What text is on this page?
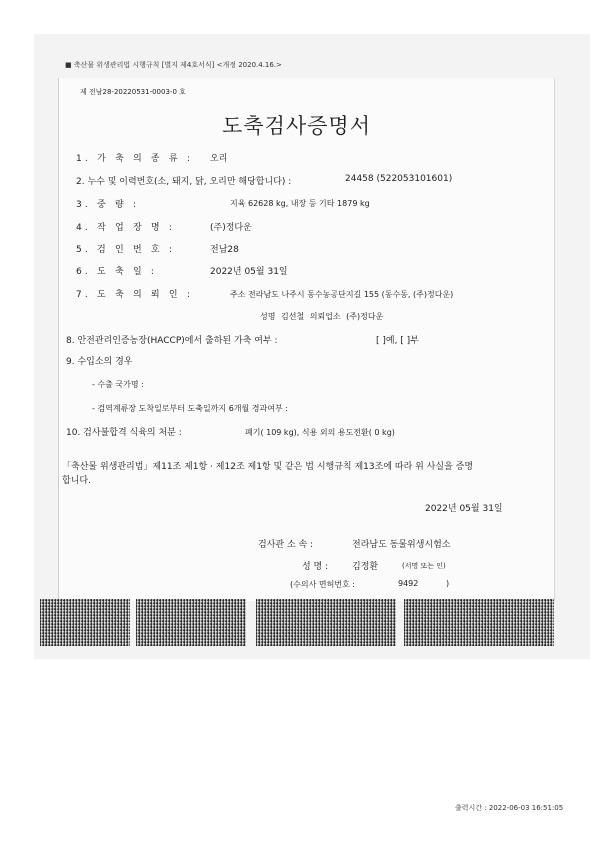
■ 축산물 위생관리법 시행규칙 [별지 제4호서식] <개정 2020.4.16.>
제 전남28-20220531-0003-0 호
도축검사증명서
1. 가 축 의 종 류 : 오리
2. 누수 및 이력번호(소, 돼지, 닭, 오리만 해당합니다) :	24458 (522053101601)
3. 중 량 :	지육 62628 kg, 내장 등 기타 1879 kg
4. 작 업 장 명 :	(주)정다운
5. 검 인 번 호 :	전남28
6. 도 축 일 :	2022년 05월 31일
7. 도 축 의 뢰 인 :	주소 전라남도 나주시 동수농공단지길 155 (동수동, (주)정다운)
성명 김선철 의뢰업소 (주)정다운
8. 안전관리인증농장(HACCP)에서 출하된 가축 여부 :	[ ]예, [ ]부
9. 수입소의 경우
- 수출 국가명 :
- 검역계류장 도착일로부터 도축일까지 6개월 경과여부 :
10. 검사불합격 식육의 처분 :	폐기( 109 kg), 식용 외의 용도전환( 0 kg)
「축산물 위생관리법」제11조 제1항 · 제12조 제1항 및 같은 법 시행규칙 제13조에 따라 위 사실을 증명
합니다.
2022년 05월 31일
검사관 소 속 :	전라남도 동물위생시험소
성 명 :	김정환	(서명 또는 인)
(수의사 면허번호 :	9492	)
출력시간 : 2022-06-03 16:51:05
